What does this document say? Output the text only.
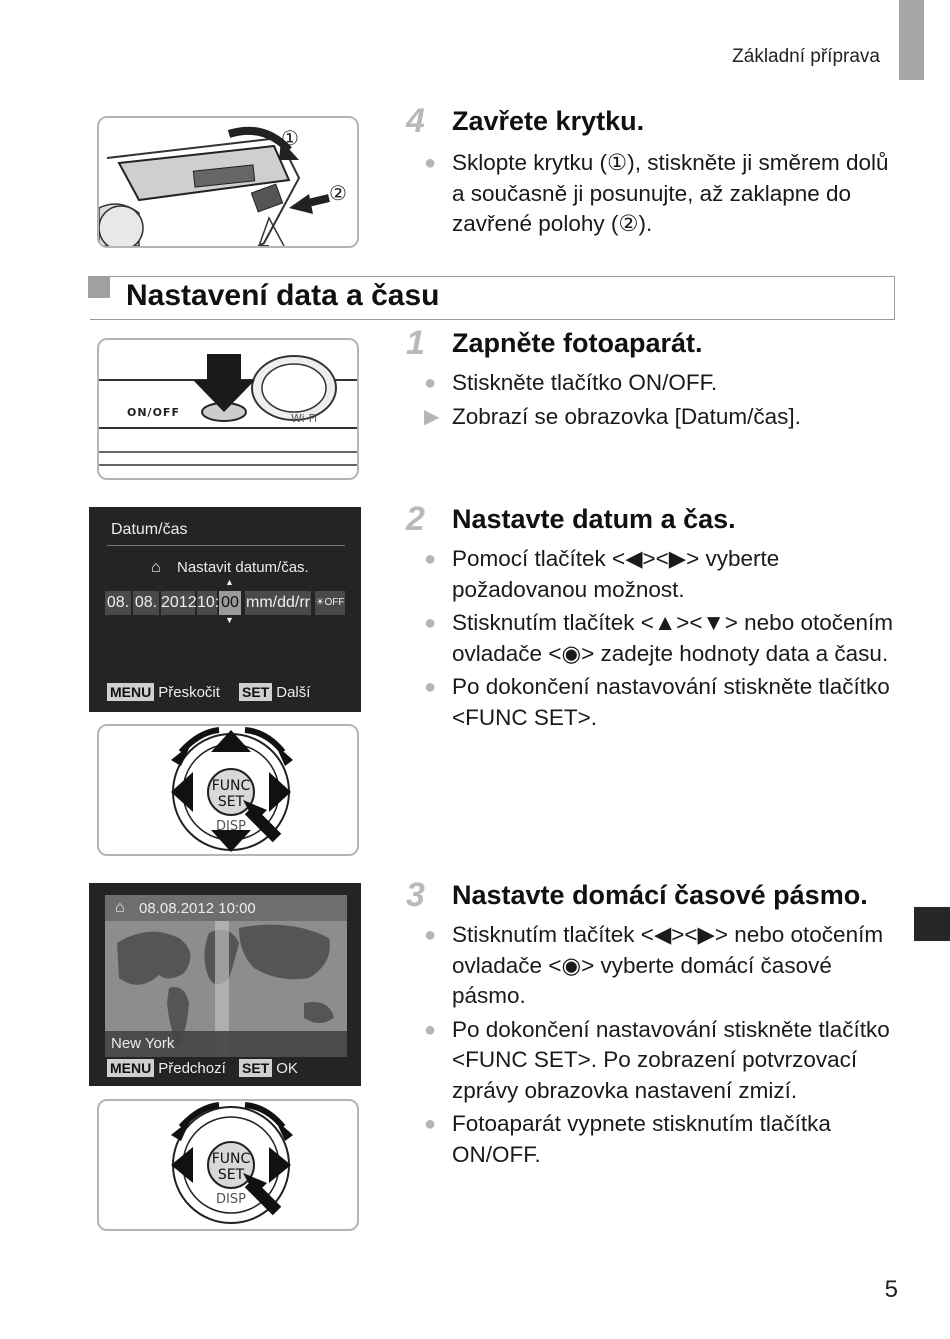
Základní příprava
①
②
4	Zavřete krytku.
● Sklopte krytku (①), stiskněte ji směrem dolů a současně ji posunujte, až zaklapne do zavřené polohy (②).
Nastavení data a času
ON/OFF	Wi-Fi
1	Zapněte fotoaparát.
● Stiskněte tlačítko ON/OFF.
▶ Zobrazí se obrazovka [Datum/čas].
Datum/čas
⌂ Nastavit datum/čas.
▲
08. 08. 2012 10: 00 mm/dd/rr ☀OFF
▼
MENU Přeskočit SET Další
FUNC
SET
DISP
2	Nastavte datum a čas.
● Pomocí tlačítek <◀><▶> vyberte požadovanou možnost.
● Stisknutím tlačítek <▲><▼> nebo otočením ovladače <◉> zadejte hodnoty data a času.
● Po dokončení nastavování stiskněte tlačítko <FUNC SET>.
⌂ 08.08.2012 10:00
New York
MENU Předchozí SET OK
FUNC
SET
DISP
3	Nastavte domácí časové pásmo.
● Stisknutím tlačítek <◀><▶> nebo otočením ovladače <◉> vyberte domácí časové pásmo.
● Po dokončení nastavování stiskněte tlačítko <FUNC SET>. Po zobrazení potvrzovací zprávy obrazovka nastavení zmizí.
● Fotoaparát vypnete stisknutím tlačítka ON/OFF.
5
